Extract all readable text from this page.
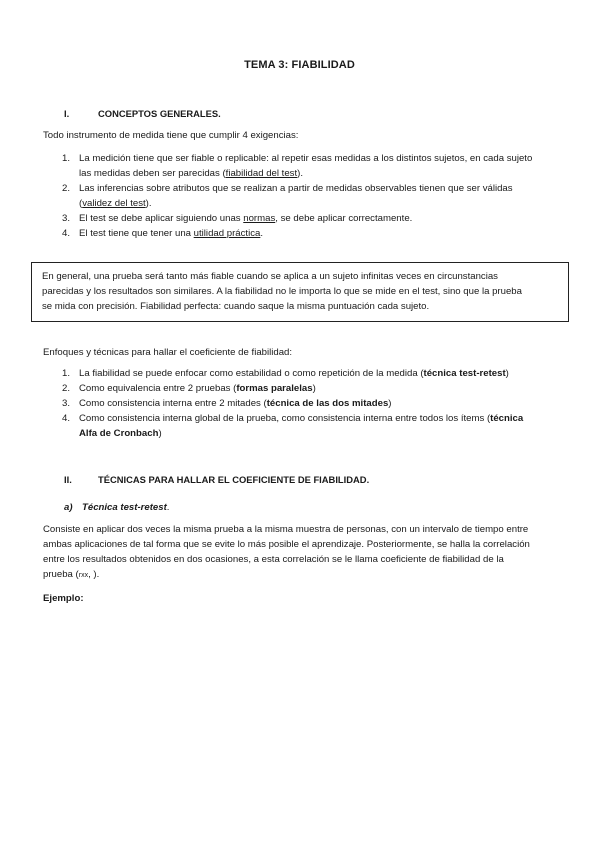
TEMA 3: FIABILIDAD
I.	CONCEPTOS GENERALES.
Todo instrumento de medida tiene que cumplir 4 exigencias:
1. La medición tiene que ser fiable o replicable: al repetir esas medidas a los distintos sujetos, en cada sujeto
las medidas deben ser parecidas (fiabilidad del test).
2. Las inferencias sobre atributos que se realizan a partir de medidas observables tienen que ser válidas
(validez del test).
3. El test se debe aplicar siguiendo unas normas, se debe aplicar correctamente.
4. El test tiene que tener una utilidad práctica.
En general, una prueba será tanto más fiable cuando se aplica a un sujeto infinitas veces en circunstancias
parecidas y los resultados son similares. A la fiabilidad no le importa lo que se mide en el test, sino que la prueba
se mida con precisión. Fiabilidad perfecta: cuando saque la misma puntuación cada sujeto.
Enfoques y técnicas para hallar el coeficiente de fiabilidad:
1. La fiabilidad se puede enfocar como estabilidad o como repetición de la medida (técnica test-retest)
2. Como equivalencia entre 2 pruebas (formas paralelas)
3. Como consistencia interna entre 2 mitades (técnica de las dos mitades)
4. Como consistencia interna global de la prueba, como consistencia interna entre todos los ítems (técnica
Alfa de Cronbach)
II.	TÉCNICAS PARA HALLAR EL COEFICIENTE DE FIABILIDAD.
a) Técnica test-retest.
Consiste en aplicar dos veces la misma prueba a la misma muestra de personas, con un intervalo de tiempo entre
ambas aplicaciones de tal forma que se evite lo más posible el aprendizaje. Posteriormente, se halla la correlación
entre los resultados obtenidos en dos ocasiones, a esta correlación se le llama coeficiente de fiabilidad de la
prueba (rxx, ).
Ejemplo:
